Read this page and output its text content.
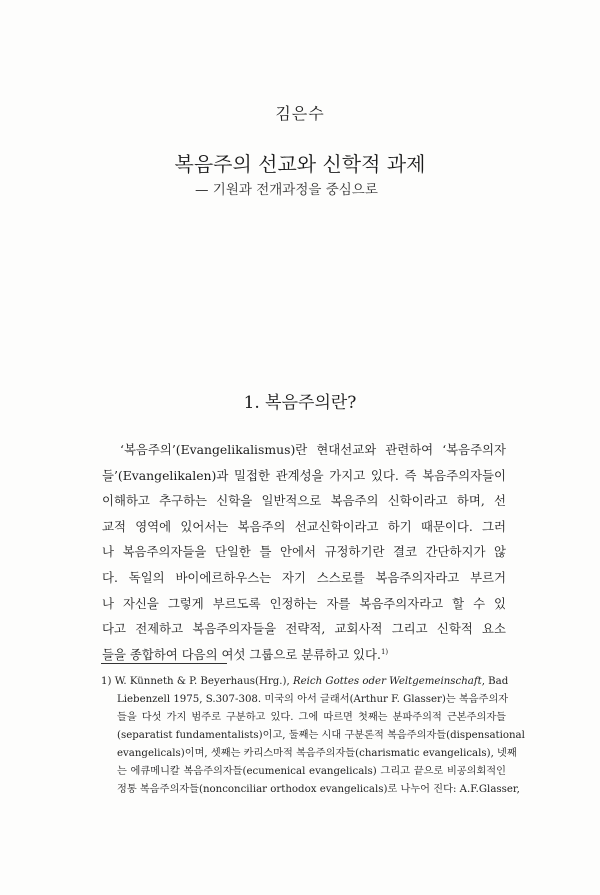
김은수
복음주의 선교와 신학적 과제
— 기원과 전개과정을 중심으로
1. 복음주의란?
‘복음주의’(Evangelikalismus)란 현대선교와 관련하여 ‘복음주의자
들’(Evangelikalen)과 밀접한 관계성을 가지고 있다. 즉 복음주의자들이
이해하고 추구하는 신학을 일반적으로 복음주의 신학이라고 하며, 선
교적 영역에 있어서는 복음주의 선교신학이라고 하기 때문이다. 그러
나 복음주의자들을 단일한 틀 안에서 규정하기란 결코 간단하지가 않
다. 독일의 바이에르하우스는 자기 스스로를 복음주의자라고 부르거
나 자신을 그렇게 부르도록 인정하는 자를 복음주의자라고 할 수 있
다고 전제하고 복음주의자들을 전략적, 교회사적 그리고 신학적 요소
들을 종합하여 다음의 여섯 그룹으로 분류하고 있다.$^{1)}$
1) W. Künneth & P. Beyerhaus(Hrg.), Reich Gottes oder Weltgemeinschaft, Bad
Liebenzell 1975, S.307-308. 미국의 아서 글래서(Arthur F. Glasser)는 복음주의자
들을 다섯 가지 범주로 구분하고 있다. 그에 따르면 첫째는 분파주의적 근본주의자들
(separatist fundamentalists)이고, 둘째는 시대 구분론적 복음주의자들(dispensational
evangelicals)이며, 셋째는 카리스마적 복음주의자들(charismatic evangelicals), 넷째
는 에큐메니칼 복음주의자들(ecumenical evangelicals) 그리고 끝으로 비공의회적인
정통 복음주의자들(nonconciliar orthodox evangelicals)로 나누어 진다: A.F.Glasser,
